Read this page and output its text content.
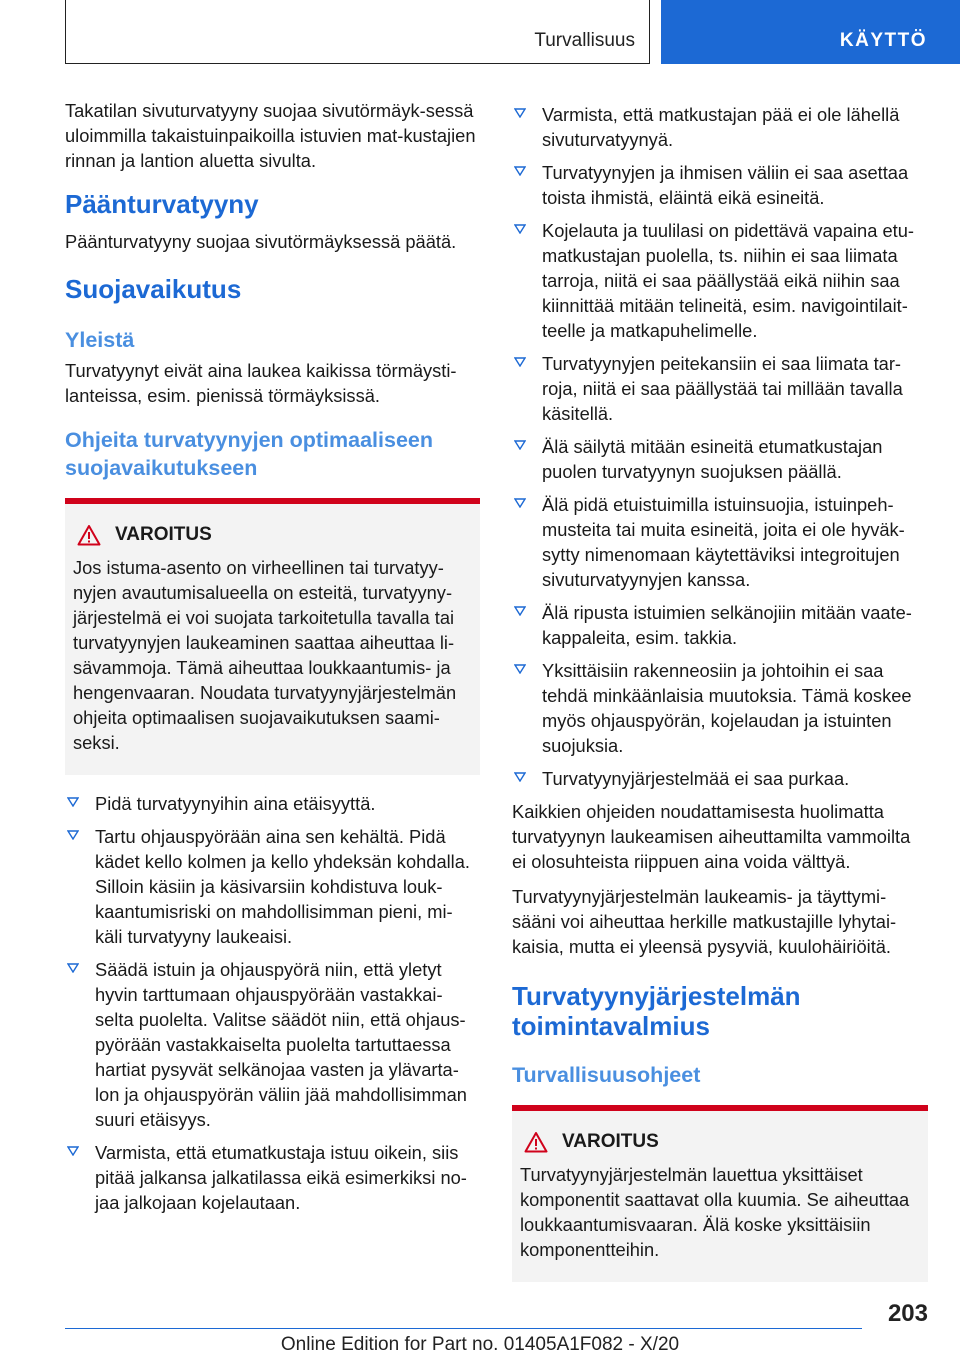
Turvallisuus	KÄYTTÖ

Takatilan sivuturvatyyny suojaa sivutörmäyk-sessä uloimmilla takaistuinpaikoilla istuvien mat-kustajien rinnan ja lantion aluetta sivulta.

Päänturvatyyny

Päänturvatyyny suojaa sivutörmäyksessä päätä.

Suojavaikutus
Yleistä

Turvatyynyt eivät aina laukea kaikissa törmäysti-lanteissa, esim. pienissä törmäyksissä.

Ohjeita turvatyynyjen optimaaliseen suojavaikutukseen
VAROITUS

Jos istuma-asento on virheellinen tai turvatyy-nyjen avautumisalueella on esteitä, turvatyyny-järjestelmä ei voi suojata tarkoitetulla tavalla tai turvatyynyjen laukeaminen saattaa aiheuttaa li-sävammoja. Tämä aiheuttaa loukkaantumis- ja hengenvaaran. Noudata turvatyynyjärjestelmän ohjeita optimaalisen suojavaikutuksen saami-seksi.

Pidä turvatyynyihin aina etäisyyttä.
Tartu ohjauspyörään aina sen kehältä. Pidä kädet kello kolmen ja kello yhdeksän kohdalla. Silloin käsiin ja käsivarsiin kohdistuva louk-kaantumisriski on mahdollisimman pieni, mi-käli turvatyyny laukeaisi.
Säädä istuin ja ohjauspyörä niin, että yletyt hyvin tarttumaan ohjauspyörään vastakkai-selta puolelta. Valitse säädöt niin, että ohjaus-pyörään vastakkaiselta puolelta tartuttaessa hartiat pysyvät selkänojaa vasten ja ylävarta-lon ja ohjauspyörän väliin jää mahdollisimman suuri etäisyys.
Varmista, että etumatkustaja istuu oikein, siis pitää jalkansa jalkatilassa eikä esimerkiksi no-jaa jalkojaan kojelautaan.
Varmista, että matkustajan pää ei ole lähellä sivuturvatyynyä.
Turvatyynyjen ja ihmisen väliin ei saa asettaa toista ihmistä, eläintä eikä esineitä.
Kojelauta ja tuulilasi on pidettävä vapaina etu-matkustajan puolella, ts. niihin ei saa liimata tarroja, niitä ei saa päällystää eikä niihin saa kiinnittää mitään telineitä, esim. navigointilait-teelle ja matkapuhelimelle.
Turvatyynyjen peitekansiin ei saa liimata tar-roja, niitä ei saa päällystää tai millään tavalla käsitellä.
Älä säilytä mitään esineitä etumatkustajan puolen turvatyynyn suojuksen päällä.
Älä pidä etuistuimilla istuinsuojia, istuinpeh-musteita tai muita esineitä, joita ei ole hyväk-sytty nimenomaan käytettäviksi integroitujen sivuturvatyynyjen kanssa.
Älä ripusta istuimien selkänojiin mitään vaate-kappaleita, esim. takkia.
Yksittäisiin rakenneosiin ja johtoihin ei saa tehdä minkäänlaisia muutoksia. Tämä koskee myös ohjauspyörän, kojelaudan ja istuinten suojuksia.
Turvatyynyjärjestelmää ei saa purkaa.

Kaikkien ohjeiden noudattamisesta huolimatta turvatyynyn laukeamisen aiheuttamilta vammoilta ei olosuhteista riippuen aina voida välttyä.

Turvatyynyjärjestelmän laukeamis- ja täyttymi-sääni voi aiheuttaa herkille matkustajille lyhytai-kaisia, mutta ei yleensä pysyviä, kuulohäiriöitä.

Turvatyynyjärjestelmän toimintavalmius
Turvallisuusohjeet
VAROITUS

Turvatyynyjärjestelmän lauettua yksittäiset komponentit saattavat olla kuumia. Se aiheuttaa loukkaantumisvaaran. Älä koske yksittäisiin komponentteihin.

203
Online Edition for Part no. 01405A1F082 - X/20
